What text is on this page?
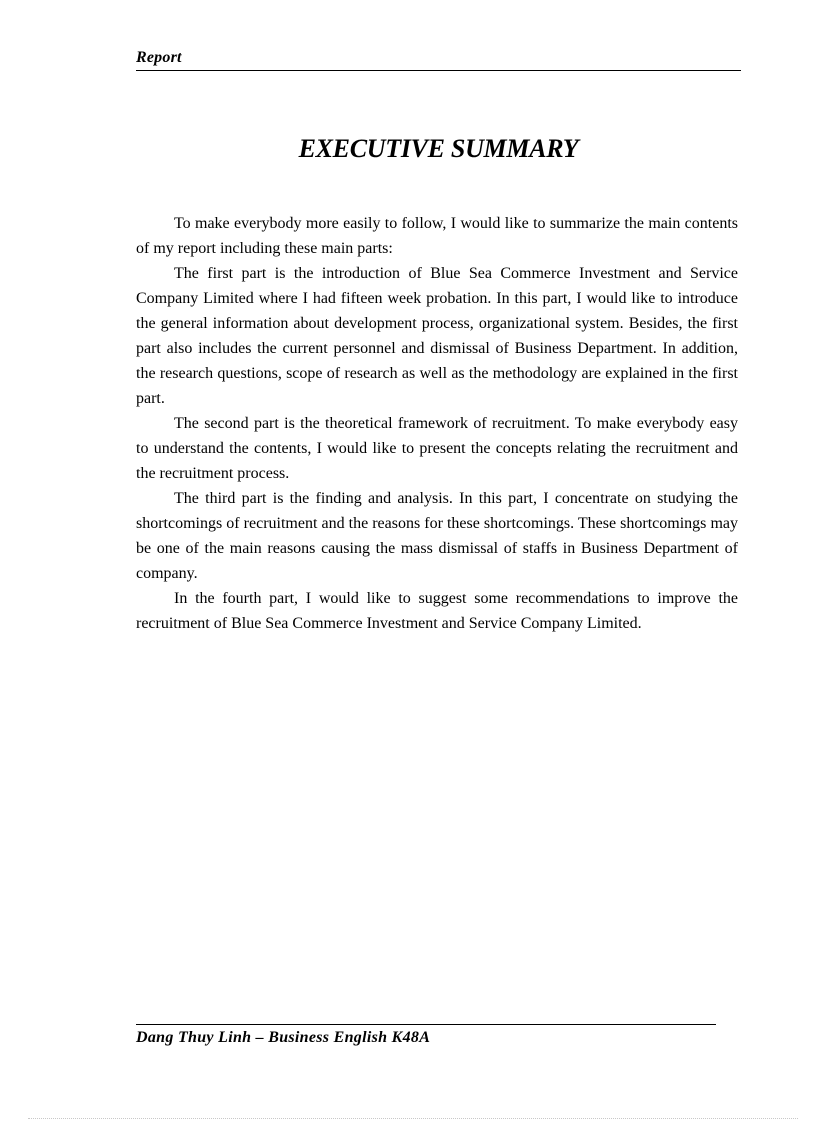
Report
EXECUTIVE SUMMARY

To make everybody more easily to follow, I would like to summarize the main contents of my report including these main parts:

The first part is the introduction of Blue Sea Commerce Investment and Service Company Limited where I had fifteen week probation. In this part, I would like to introduce the general information about development process, organizational system. Besides, the first part also includes the current personnel and dismissal of Business Department. In addition, the research questions, scope of research as well as the methodology are explained in the first part.

The second part is the theoretical framework of recruitment. To make everybody easy to understand the contents, I would like to present the concepts relating the recruitment and the recruitment process.

The third part is the finding and analysis. In this part, I concentrate on studying the shortcomings of recruitment and the reasons for these shortcomings. These shortcomings may be one of the main reasons causing the mass dismissal of staffs in Business Department of company.

In the fourth part, I would like to suggest some recommendations to improve the recruitment of Blue Sea Commerce Investment and Service Company Limited.

Dang Thuy Linh – Business English K48A
